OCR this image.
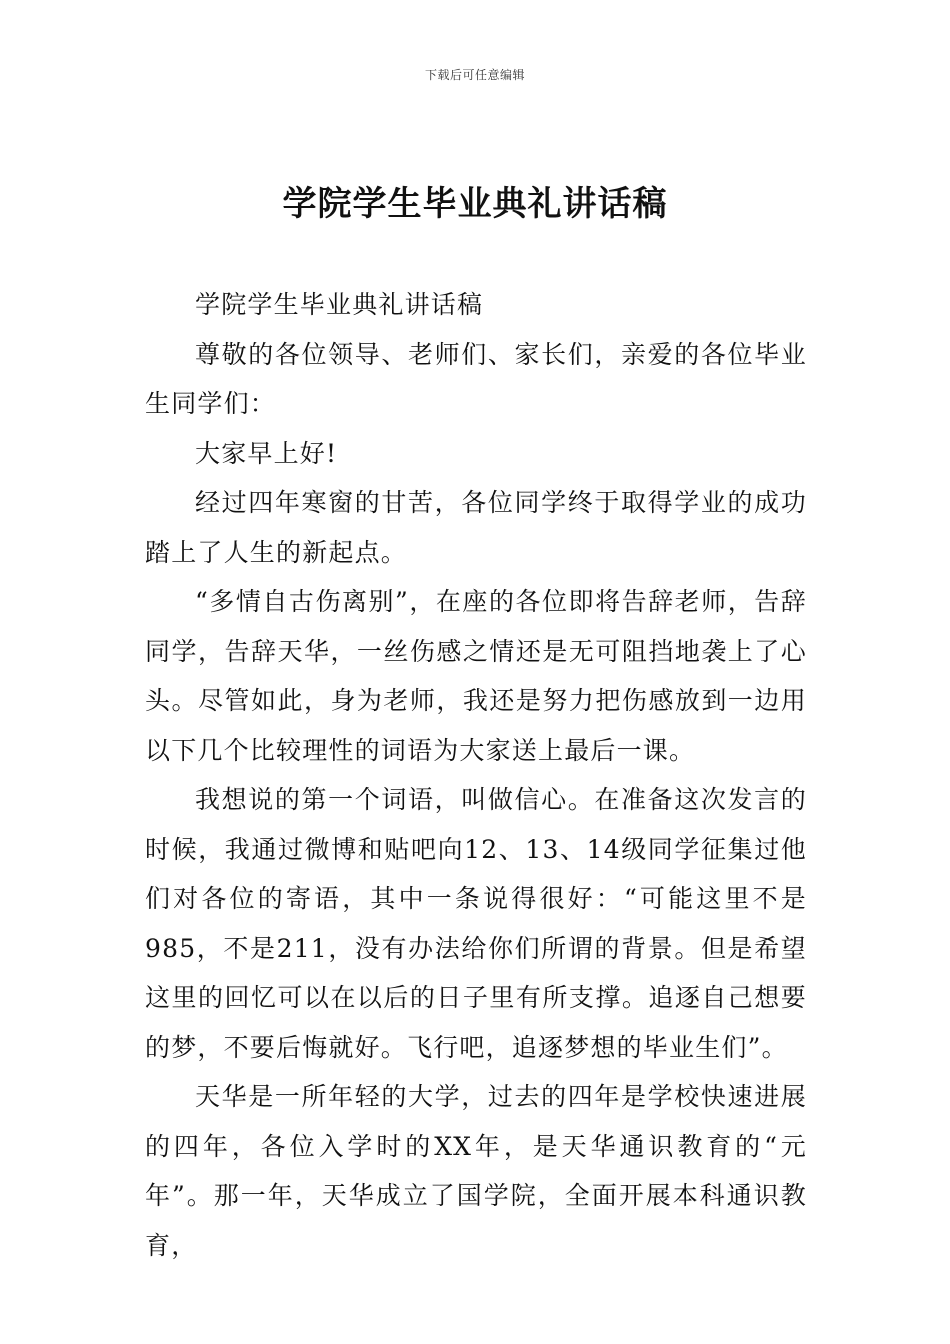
下载后可任意编辑
学院学生毕业典礼讲话稿

学院学生毕业典礼讲话稿

尊敬的各位领导、老师们、家长们，亲爱的各位毕业生同学们：

大家早上好!

经过四年寒窗的甘苦，各位同学终于取得学业的成功踏上了人生的新起点。

“多情自古伤离别”，在座的各位即将告辞老师，告辞同学，告辞天华，一丝伤感之情还是无可阻挡地袭上了心头。尽管如此，身为老师，我还是努力把伤感放到一边用以下几个比较理性的词语为大家送上最后一课。

我想说的第一个词语，叫做信心。在准备这次发言的时候，我通过微博和贴吧向12、13、14级同学征集过他们对各位的寄语，其中一条说得很好：“可能这里不是985，不是211，没有办法给你们所谓的背景。但是希望这里的回忆可以在以后的日子里有所支撑。追逐自己想要的梦，不要后悔就好。飞行吧，追逐梦想的毕业生们”。

天华是一所年轻的大学，过去的四年是学校快速进展的四年，各位入学时的XX年，是天华通识教育的“元年”。那一年，天华成立了国学院，全面开展本科通识教育，
